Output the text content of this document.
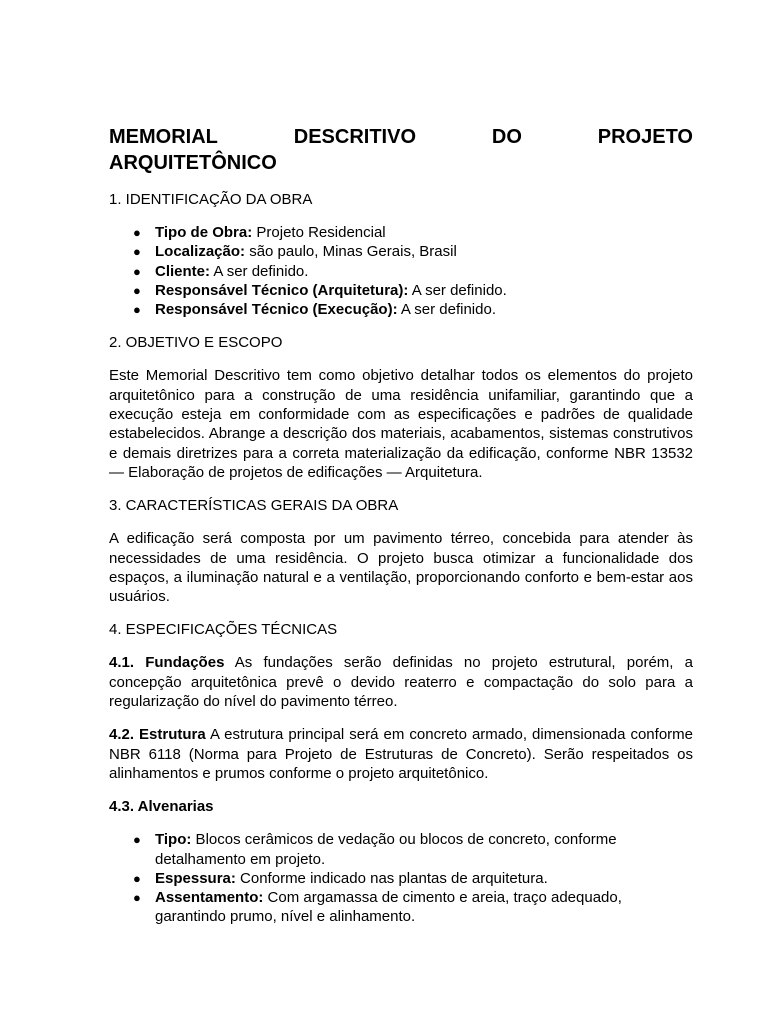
MEMORIAL	DESCRITIVO	DO	PROJETO
ARQUITETÔNICO
1. IDENTIFICAÇÃO DA OBRA
● Tipo de Obra: Projeto Residencial
● Localização: são paulo, Minas Gerais, Brasil
● Cliente: A ser definido.
● Responsável Técnico (Arquitetura): A ser definido.
● Responsável Técnico (Execução): A ser definido.
2. OBJETIVO E ESCOPO

Este Memorial Descritivo tem como objetivo detalhar todos os elementos do projeto arquitetônico para a construção de uma residência unifamiliar, garantindo que a execução esteja em conformidade com as especificações e padrões de qualidade estabelecidos. Abrange a descrição dos materiais, acabamentos, sistemas construtivos e demais diretrizes para a correta materialização da edificação, conforme NBR 13532 — Elaboração de projetos de edificações — Arquitetura.

3. CARACTERÍSTICAS GERAIS DA OBRA

A edificação será composta por um pavimento térreo, concebida para atender às necessidades de uma residência. O projeto busca otimizar a funcionalidade dos espaços, a iluminação natural e a ventilação, proporcionando conforto e bem-estar aos usuários.

4. ESPECIFICAÇÕES TÉCNICAS

4.1. Fundações As fundações serão definidas no projeto estrutural, porém, a concepção arquitetônica prevê o devido reaterro e compactação do solo para a regularização do nível do pavimento térreo.

4.2. Estrutura A estrutura principal será em concreto armado, dimensionada conforme NBR 6118 (Norma para Projeto de Estruturas de Concreto). Serão respeitados os alinhamentos e prumos conforme o projeto arquitetônico.

4.3. Alvenarias
● Tipo: Blocos cerâmicos de vedação ou blocos de concreto, conforme detalhamento em projeto.
● Espessura: Conforme indicado nas plantas de arquitetura.
● Assentamento: Com argamassa de cimento e areia, traço adequado, garantindo prumo, nível e alinhamento.
